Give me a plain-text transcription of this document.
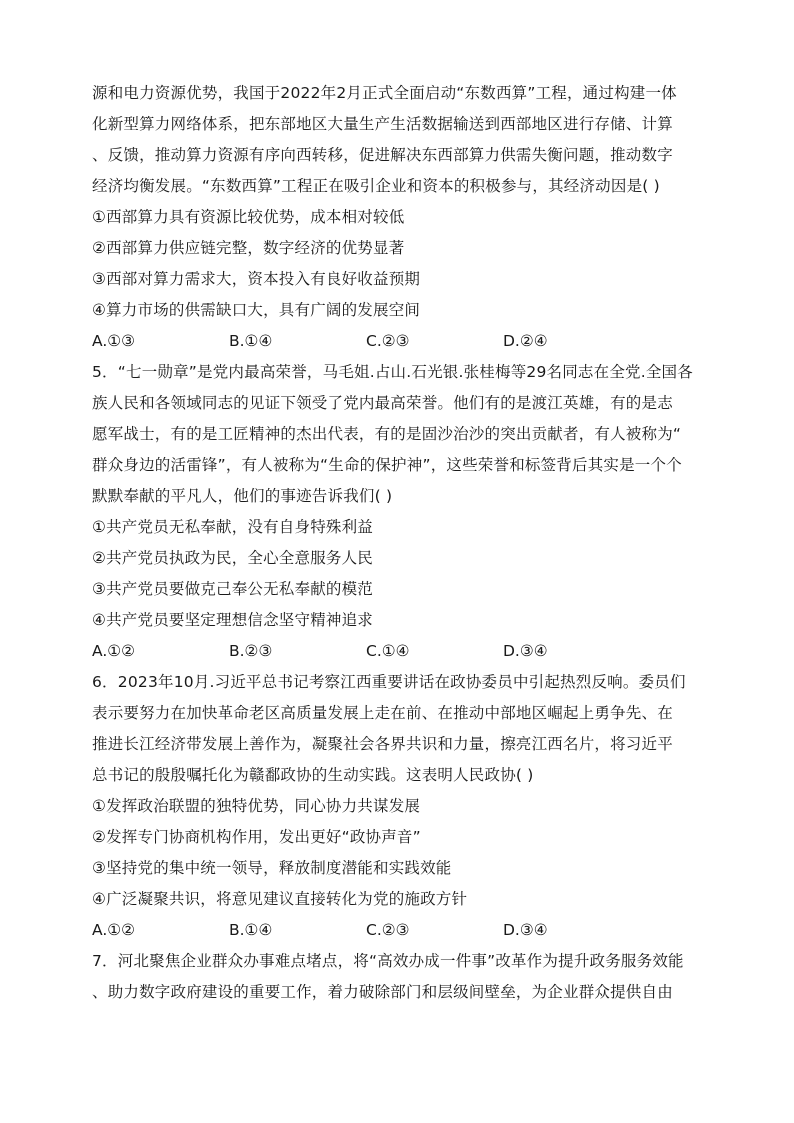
源和电力资源优势，我国于2022年2月正式全面启动“东数西算”工程，通过构建一体
化新型算力网络体系，把东部地区大量生产生活数据输送到西部地区进行存储、计算
、反馈，推动算力资源有序向西转移，促进解决东西部算力供需失衡问题，推动数字
经济均衡发展。“东数西算”工程正在吸引企业和资本的积极参与，其经济动因是( )
①西部算力具有资源比较优势，成本相对较低
②西部算力供应链完整，数字经济的优势显著
③西部对算力需求大，资本投入有良好收益预期
④算力市场的供需缺口大，具有广阔的发展空间
A.①③	B.①④	C.②③	D.②④
5．“七一勋章”是党内最高荣誉，马毛姐.占山.石光银.张桂梅等29名同志在全党.全国各
族人民和各领域同志的见证下领受了党内最高荣誉。他们有的是渡江英雄，有的是志
愿军战士，有的是工匠精神的杰出代表，有的是固沙治沙的突出贡献者，有人被称为“
群众身边的活雷锋”，有人被称为“生命的保护神”，这些荣誉和标签背后其实是一个个
默默奉献的平凡人，他们的事迹告诉我们( )
①共产党员无私奉献，没有自身特殊利益
②共产党员执政为民，全心全意服务人民
③共产党员要做克己奉公无私奉献的模范
④共产党员要坚定理想信念坚守精神追求
A.①②	B.②③	C.①④	D.③④
6．2023年10月.习近平总书记考察江西重要讲话在政协委员中引起热烈反响。委员们
表示要努力在加快革命老区高质量发展上走在前、在推动中部地区崛起上勇争先、在
推进长江经济带发展上善作为，凝聚社会各界共识和力量，擦亮江西名片，将习近平
总书记的殷殷嘱托化为赣鄱政协的生动实践。这表明人民政协( )
①发挥政治联盟的独特优势，同心协力共谋发展
②发挥专门协商机构作用，发出更好“政协声音”
③坚持党的集中统一领导，释放制度潜能和实践效能
④广泛凝聚共识，将意见建议直接转化为党的施政方针
A.①②	B.①④	C.②③	D.③④
7．河北聚焦企业群众办事难点堵点，将“高效办成一件事”改革作为提升政务服务效能
、助力数字政府建设的重要工作，着力破除部门和层级间壁垒，为企业群众提供自由
